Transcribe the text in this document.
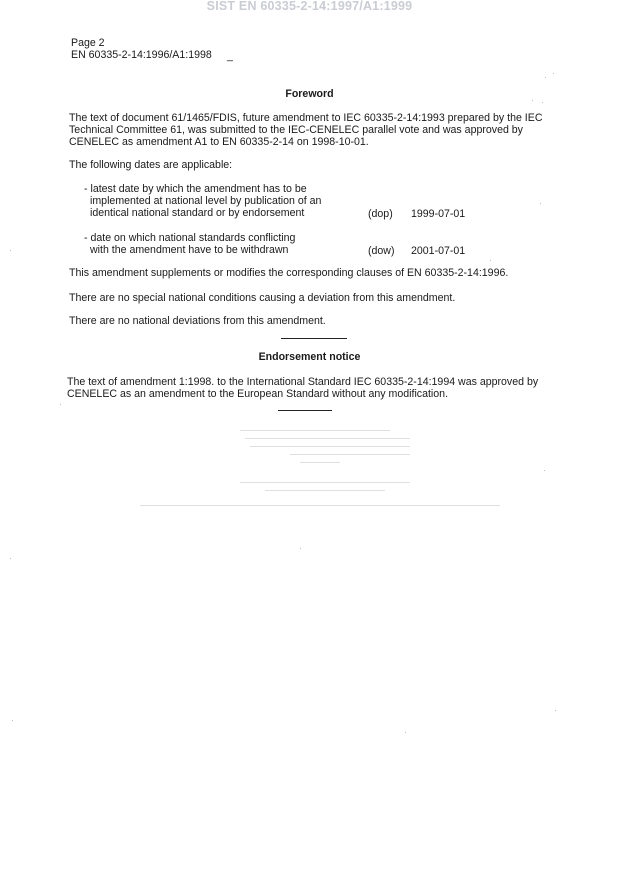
SIST EN 60335-2-14:1997/A1:1999
Page 2
EN 60335-2-14:1996/A1:1998 _
Foreword
The text of document 61/1465/FDIS, future amendment to IEC 60335-2-14:1993 prepared by the IEC
Technical Committee 61, was submitted to the IEC-CENELEC parallel vote and was approved by
CENELEC as amendment A1 to EN 60335-2-14 on 1998-10-01.
The following dates are applicable:
- latest date by which the amendment has to be
implemented at national level by publication of an
identical national standard or by endorsement	(dop) 1999-07-01
- date on which national standards conflicting
with the amendment have to be withdrawn	(dow) 2001-07-01
This amendment supplements or modifies the corresponding clauses of EN 60335-2-14:1996.
There are no special national conditions causing a deviation from this amendment.
There are no national deviations from this amendment.
Endorsement notice
The text of amendment 1:1998. to the International Standard IEC 60335-2-14:1994 was approved by
CENELEC as an amendment to the European Standard without any modification.
